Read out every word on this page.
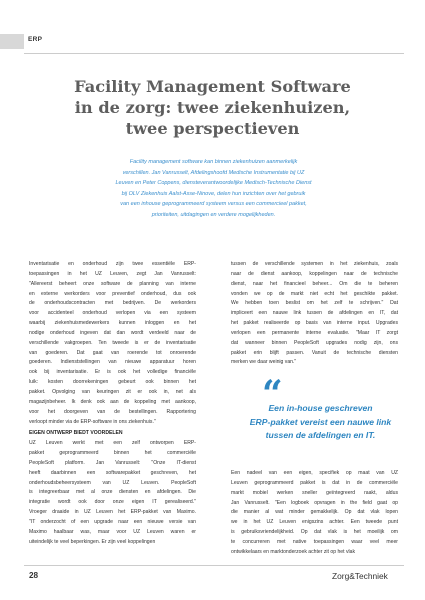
ERP
Facility Management Software
in de zorg: twee ziekenhuizen,
twee perspectieven
Facility management software kan binnen ziekenhuizen aanmerkelijk
verschillen. Jan Vanrusselt, Afdelingshoofd Medische Instrumentatie bij UZ
Leuven en Peter Coppens, diensteverantwoordelijke Medisch-Technische Dienst
bij OLV Ziekenhuis Aalst-Asse-Ninove, delen hun inzichten over het gebruik
van een inhouse geprogrammeerd systeem versus een commercieel pakket,
prioriteiten, uitdagingen en verdere mogelijkheden.
Inventarisatie en onderhoud zijn twee essentiële ERP-
toepassingen in het UZ Leuven, zegt Jan Vanrusselt:
"Allereerst beheert onze software de planning van interne
en externe werkorders voor preventief onderhoud, dus ook
de onderhoudscontracten met bedrijven. De werkorders
voor accidenteel onderhoud verlopen via een systeem
waarbij ziekenhuismedewerkers kunnen inloggen en het
nodige onderhoud ingeven dat dan wordt verdeeld naar de
verschillende vakgroepen. Ten tweede is er de inventarisatie
van goederen. Dat gaat van roerende tot onroerende
goederen. Indienststellingen van nieuwe apparatuur horen
ook bij inventarisatie. Er is ook het volledige financiële
luik: kosten doorrekeningen gebeurt ook binnen het
pakket. Opvolging van keuringen zit er ook in, net als
magazijnbeheer. Ik denk ook aan de koppeling met aankoop,
voor het doorgeven van de bestellingen. Rapportering
verloopt minder via de ERP-software in ons ziekenhuis."
EIGEN ONTWERP BIEDT VOORDELEN
UZ Leuven werkt met een zelf ontworpen ERP-
pakket geprogrammeerd binnen het commerciële
PeopleSoft platform. Jan Vanrusselt: "Onze IT-dienst
heeft daarbinnen een softwarepakket geschreven, het
onderhoudsbeheersysteem van UZ Leuven. PeopleSoft
is integreerbaar met al onze diensten en afdelingen. Die
integratie wordt ook door onze eigen IT gerealiseerd."
Vroeger draaide in UZ Leuven het ERP-pakket van Maximo.
"IT onderzocht of een upgrade naar een nieuwe versie van
Maximo haalbaar was, maar voor UZ Leuven waren er
uiteindelijk te veel beperkingen. Er zijn veel koppelingen
tussen de verschillende systemen in het ziekenhuis, zoals
naar de dienst aankoop, koppelingen naar de technische
dienst, naar het financieel beheer... Om die te beheren
vonden we op de markt niet echt het geschikte pakket.
We hebben toen beslist om het zelf te schrijven." Dat
impliceert een nauwe link tussen de afdelingen en IT, dat
het pakket realiseerde op basis van interne input. Upgrades
verlopen een permanente interne evaluatie. "Maar IT zorgt
dat wanneer binnen PeopleSoft upgrades nodig zijn, ons
pakket erin blijft passen. Vanuit de technische diensten
merken we daar weinig van."
“
Een in-house geschreven
ERP-pakket vereist een nauwe link
tussen de afdelingen en IT.
Een nadeel van een eigen, specifiek op maat van UZ
Leuven geprogrammeerd pakket is dat in de commerciële
markt mobiel werken sneller geïntegreerd raakt, aldus
Jan Vanrusselt. "Een logboek opvragen in the field gaat op
die manier al wat minder gemakkelijk. Op dat vlak lopen
we in het UZ Leuven enigszins achter. Een tweede punt
is gebruiksvriendelijkheid. Op dat vlak is het moeilijk om
te concurreren met native toepassingen waar veel meer
ontwikkelaars en marktonderzoek achter zit op het vlak
28	Zorg&Techniek
